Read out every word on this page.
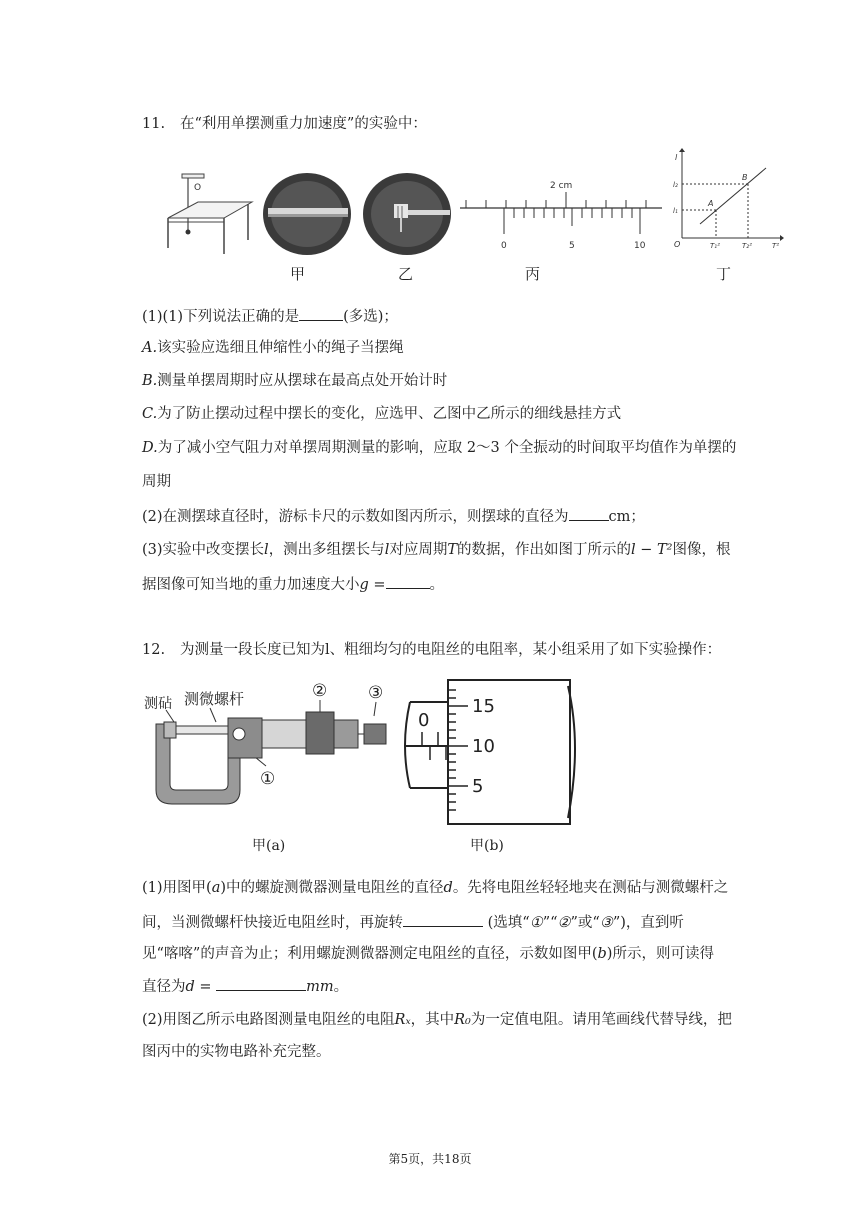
11. 在“利用单摆测重力加速度”的实验中：
O	2 cm
0	5	10
l
T²
O
l₂
l₁
T₁²	T₂²
A
B
甲	乙	丙	丁
(1)(1)下列说法正确的是	(多选)；
A.该实验应选细且伸缩性小的绳子当摆绳
B.测量单摆周期时应从摆球在最高点处开始计时
C.为了防止摆动过程中摆长的变化，应选甲、乙图中乙所示的细线悬挂方式
D.为了减小空气阻力对单摆周期测量的影响，应取 2～3 个全振动的时间取平均值作为单摆的
周期
(2)在测摆球直径时，游标卡尺的示数如图丙所示，则摆球的直径为	cm；
(3)实验中改变摆长l，测出多组摆长与l对应周期T的数据，作出如图丁所示的l − T²图像，根
据图像可知当地的重力加速度大小g =	。
12. 为测量一段长度已知为l、粗细均匀的电阻丝的电阻率，某小组采用了如下实验操作：
测砧 测微螺杆	② ③
①
0
15
10
5
甲(a)	甲(b)
(1)用图甲(a)中的螺旋测微器测量电阻丝的直径d。先将电阻丝轻轻地夹在测砧与测微螺杆之
间，当测微螺杆快接近电阻丝时，再旋转	(选填“①”“②”或“③”)，直到听
见“喀喀”的声音为止；利用螺旋测微器测定电阻丝的直径，示数如图甲(b)所示，则可读得
直径为d =	mm。
(2)用图乙所示电路图测量电阻丝的电阻Rₓ，其中R₀为一定值电阻。请用笔画线代替导线，把
图丙中的实物电路补充完整。
第5页，共18页
